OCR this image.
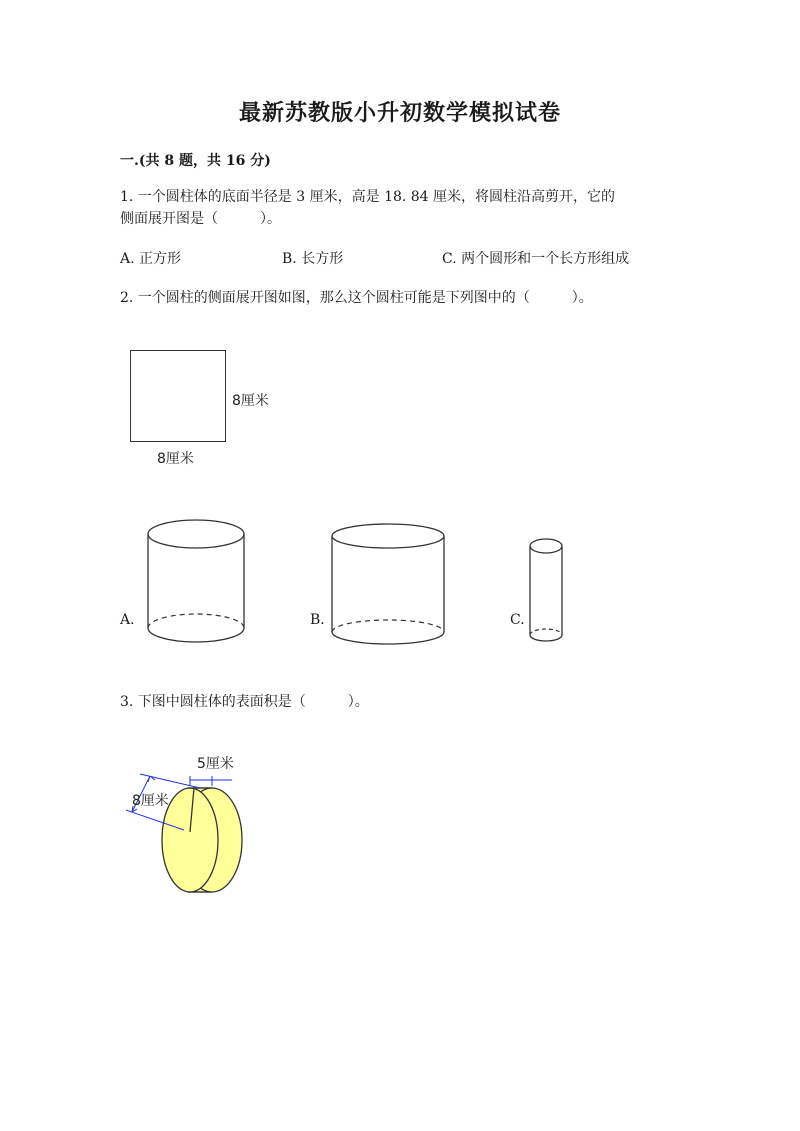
最新苏教版小升初数学模拟试卷
一.(共 8 题，共 16 分)
1. 一个圆柱体的底面半径是 3 厘米，高是 18. 84 厘米，将圆柱沿高剪开，它的
侧面展开图是（　　　）。
A. 正方形	B. 长方形	C. 两个圆形和一个长方形组成
2. 一个圆柱的侧面展开图如图，那么这个圆柱可能是下列图中的（　　　）。
8厘米
8厘米
A.	B.	C.
3. 下图中圆柱体的表面积是（　　　）。
5厘米
8厘米
